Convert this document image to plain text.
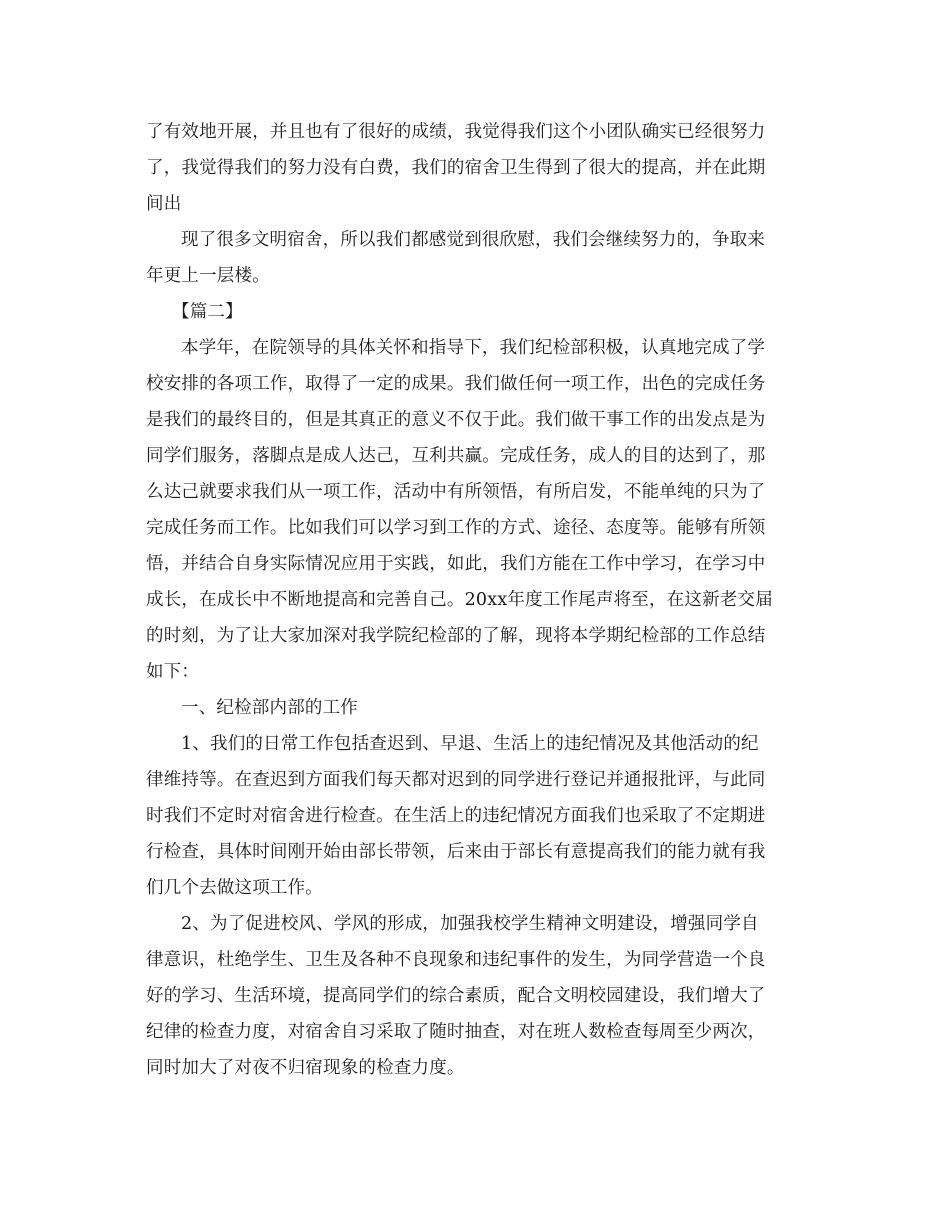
了有效地开展，并且也有了很好的成绩，我觉得我们这个小团队确实已经很努力

了，我觉得我们的努力没有白费，我们的宿舍卫生得到了很大的提高，并在此期

间出

现了很多文明宿舍，所以我们都感觉到很欣慰，我们会继续努力的，争取来

年更上一层楼。

【篇二】

本学年，在院领导的具体关怀和指导下，我们纪检部积极，认真地完成了学

校安排的各项工作，取得了一定的成果。我们做任何一项工作，出色的完成任务

是我们的最终目的，但是其真正的意义不仅于此。我们做干事工作的出发点是为

同学们服务，落脚点是成人达己，互利共赢。完成任务，成人的目的达到了，那

么达己就要求我们从一项工作，活动中有所领悟，有所启发，不能单纯的只为了

完成任务而工作。比如我们可以学习到工作的方式、途径、态度等。能够有所领

悟，并结合自身实际情况应用于实践，如此，我们方能在工作中学习，在学习中

成长，在成长中不断地提高和完善自己。20xx年度工作尾声将至，在这新老交届

的时刻，为了让大家加深对我学院纪检部的了解，现将本学期纪检部的工作总结

如下：

一、纪检部内部的工作

1、我们的日常工作包括查迟到、早退、生活上的违纪情况及其他活动的纪

律维持等。在查迟到方面我们每天都对迟到的同学进行登记并通报批评，与此同

时我们不定时对宿舍进行检查。在生活上的违纪情况方面我们也采取了不定期进

行检查，具体时间刚开始由部长带领，后来由于部长有意提高我们的能力就有我

们几个去做这项工作。

2、为了促进校风、学风的形成，加强我校学生精神文明建设，增强同学自

律意识，杜绝学生、卫生及各种不良现象和违纪事件的发生，为同学营造一个良

好的学习、生活环境，提高同学们的综合素质，配合文明校园建设，我们增大了

纪律的检查力度，对宿舍自习采取了随时抽查，对在班人数检查每周至少两次，

同时加大了对夜不归宿现象的检查力度。
